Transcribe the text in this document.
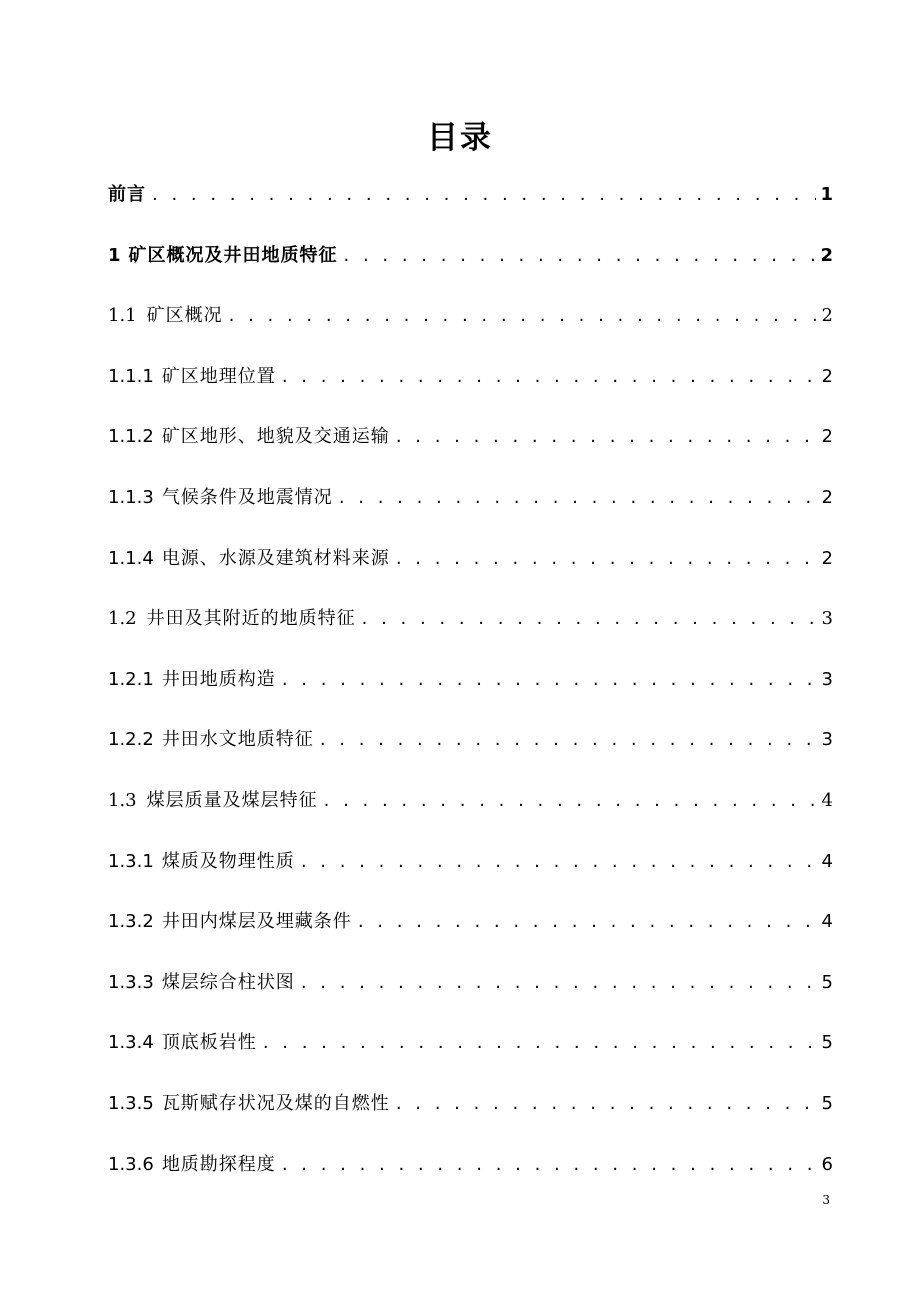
目录
前言 . . .	1
1 矿区概况及井田地质特征 . . .	2
1.1 矿区概况 . . .	2
1.1.1 矿区地理位置 . . .	2
1.1.2 矿区地形、地貌及交通运输 . . .	2
1.1.3 气候条件及地震情况 . . .	2
1.1.4 电源、水源及建筑材料来源 . . .	2
1.2 井田及其附近的地质特征 . . .	3
1.2.1 井田地质构造 . . .	3
1.2.2 井田水文地质特征 . . .	3
1.3 煤层质量及煤层特征 . . .	4
1.3.1 煤质及物理性质 . . .	4
1.3.2 井田内煤层及埋藏条件 . . .	4
1.3.3 煤层综合柱状图 . . .	5
1.3.4 顶底板岩性 . . .	5
1.3.5 瓦斯赋存状况及煤的自燃性 . . .	5
1.3.6 地质勘探程度 . . .	6
3
